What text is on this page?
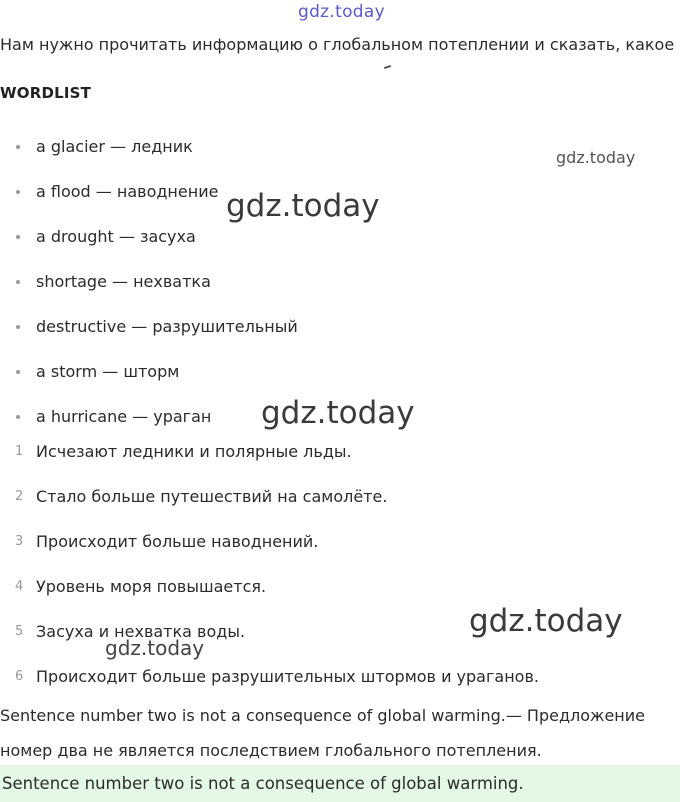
gdz.today
Нам нужно прочитать информацию о глобальном потеплении и сказать, какое
WORDLIST
a glacier — ледник
a flood — наводнение
a drought — засуха
shortage — нехватка
destructive — разрушительный
a storm — шторм
a hurricane — ураган
1 Исчезают ледники и полярные льды.
2 Стало больше путешествий на самолёте.
3 Происходит больше наводнений.
4 Уровень моря повышается.
5 Засуха и нехватка воды.
6 Происходит больше разрушительных штормов и ураганов.
Sentence number two is not a consequence of global warming.— Предложение номер два не является последствием глобального потепления.
Sentence number two is not a consequence of global warming.
gdz.today
gdz.today
gdz.today
gdz.today
gdz.today
